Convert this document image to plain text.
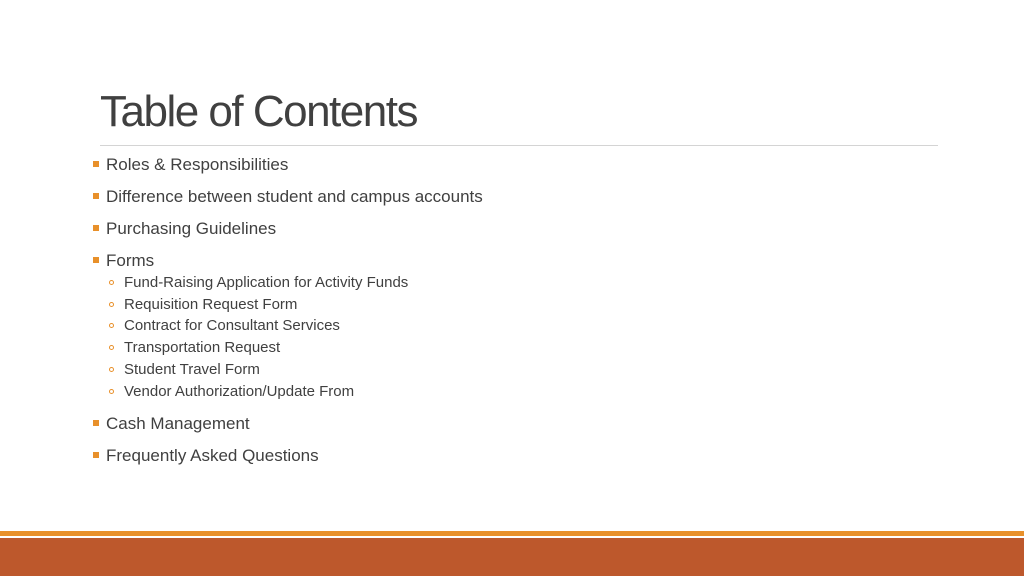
Table of Contents
Roles & Responsibilities
Difference between student and campus accounts
Purchasing Guidelines
Forms
Fund-Raising Application for Activity Funds
Requisition Request Form
Contract for Consultant Services
Transportation Request
Student Travel Form
Vendor Authorization/Update From
Cash Management
Frequently Asked Questions
